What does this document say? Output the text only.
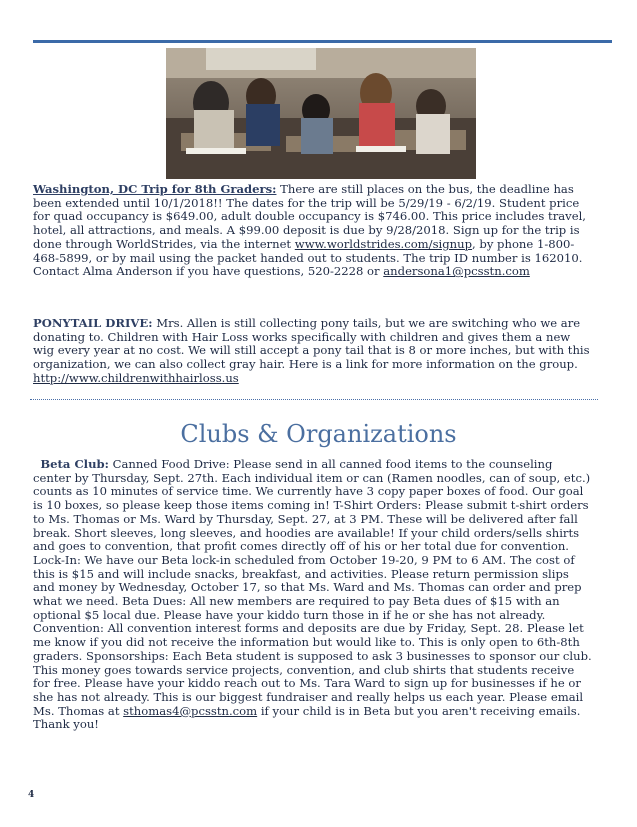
Washington, DC Trip for 8th Graders: There are still places on the bus, the deadline has been extended until 10/1/2018!! The dates for the trip will be 5/29/19 - 6/2/19. Student price for quad occupancy is $649.00, adult double occupancy is $746.00. This price includes travel, hotel, all attractions, and meals. A $99.00 deposit is due by 9/28/2018. Sign up for the trip is done through WorldStrides, via the internet www.worldstrides.com/signup, by phone 1-800-468-5899, or by mail using the packet handed out to students. The trip ID number is 162010. Contact Alma Anderson if you have questions, 520-2228 or andersona1@pcsstn.com

PONYTAIL DRIVE: Mrs. Allen is still collecting pony tails, but we are switching who we are donating to. Children with Hair Loss works specifically with children and gives them a new wig every year at no cost. We will still accept a pony tail that is 8 or more inches, but with this organization, we can also collect gray hair. Here is a link for more information on the group. http://www.childrenwithhairloss.us

Clubs & Organizations

Beta Club: Canned Food Drive: Please send in all canned food items to the counseling center by Thursday, Sept. 27th. Each individual item or can (Ramen noodles, can of soup, etc.) counts as 10 minutes of service time. We currently have 3 copy paper boxes of food. Our goal is 10 boxes, so please keep those items coming in! T-Shirt Orders: Please submit t-shirt orders to Ms. Thomas or Ms. Ward by Thursday, Sept. 27, at 3 PM. These will be delivered after fall break. Short sleeves, long sleeves, and hoodies are available! If your child orders/sells shirts and goes to convention, that profit comes directly off of his or her total due for convention. Lock-In: We have our Beta lock-in scheduled from October 19-20, 9 PM to 6 AM. The cost of this is $15 and will include snacks, breakfast, and activities. Please return permission slips and money by Wednesday, October 17, so that Ms. Ward and Ms. Thomas can order and prep what we need. Beta Dues: All new members are required to pay Beta dues of $15 with an optional $5 local due. Please have your kiddo turn those in if he or she has not already. Convention: All convention interest forms and deposits are due by Friday, Sept. 28. Please let me know if you did not receive the information but would like to. This is only open to 6th-8th graders. Sponsorships: Each Beta student is supposed to ask 3 businesses to sponsor our club. This money goes towards service projects, convention, and club shirts that students receive for free. Please have your kiddo reach out to Ms. Tara Ward to sign up for businesses if he or she has not already. This is our biggest fundraiser and really helps us each year. Please email Ms. Thomas at sthomas4@pcsstn.com if your child is in Beta but you aren't receiving emails. Thank you!

4
